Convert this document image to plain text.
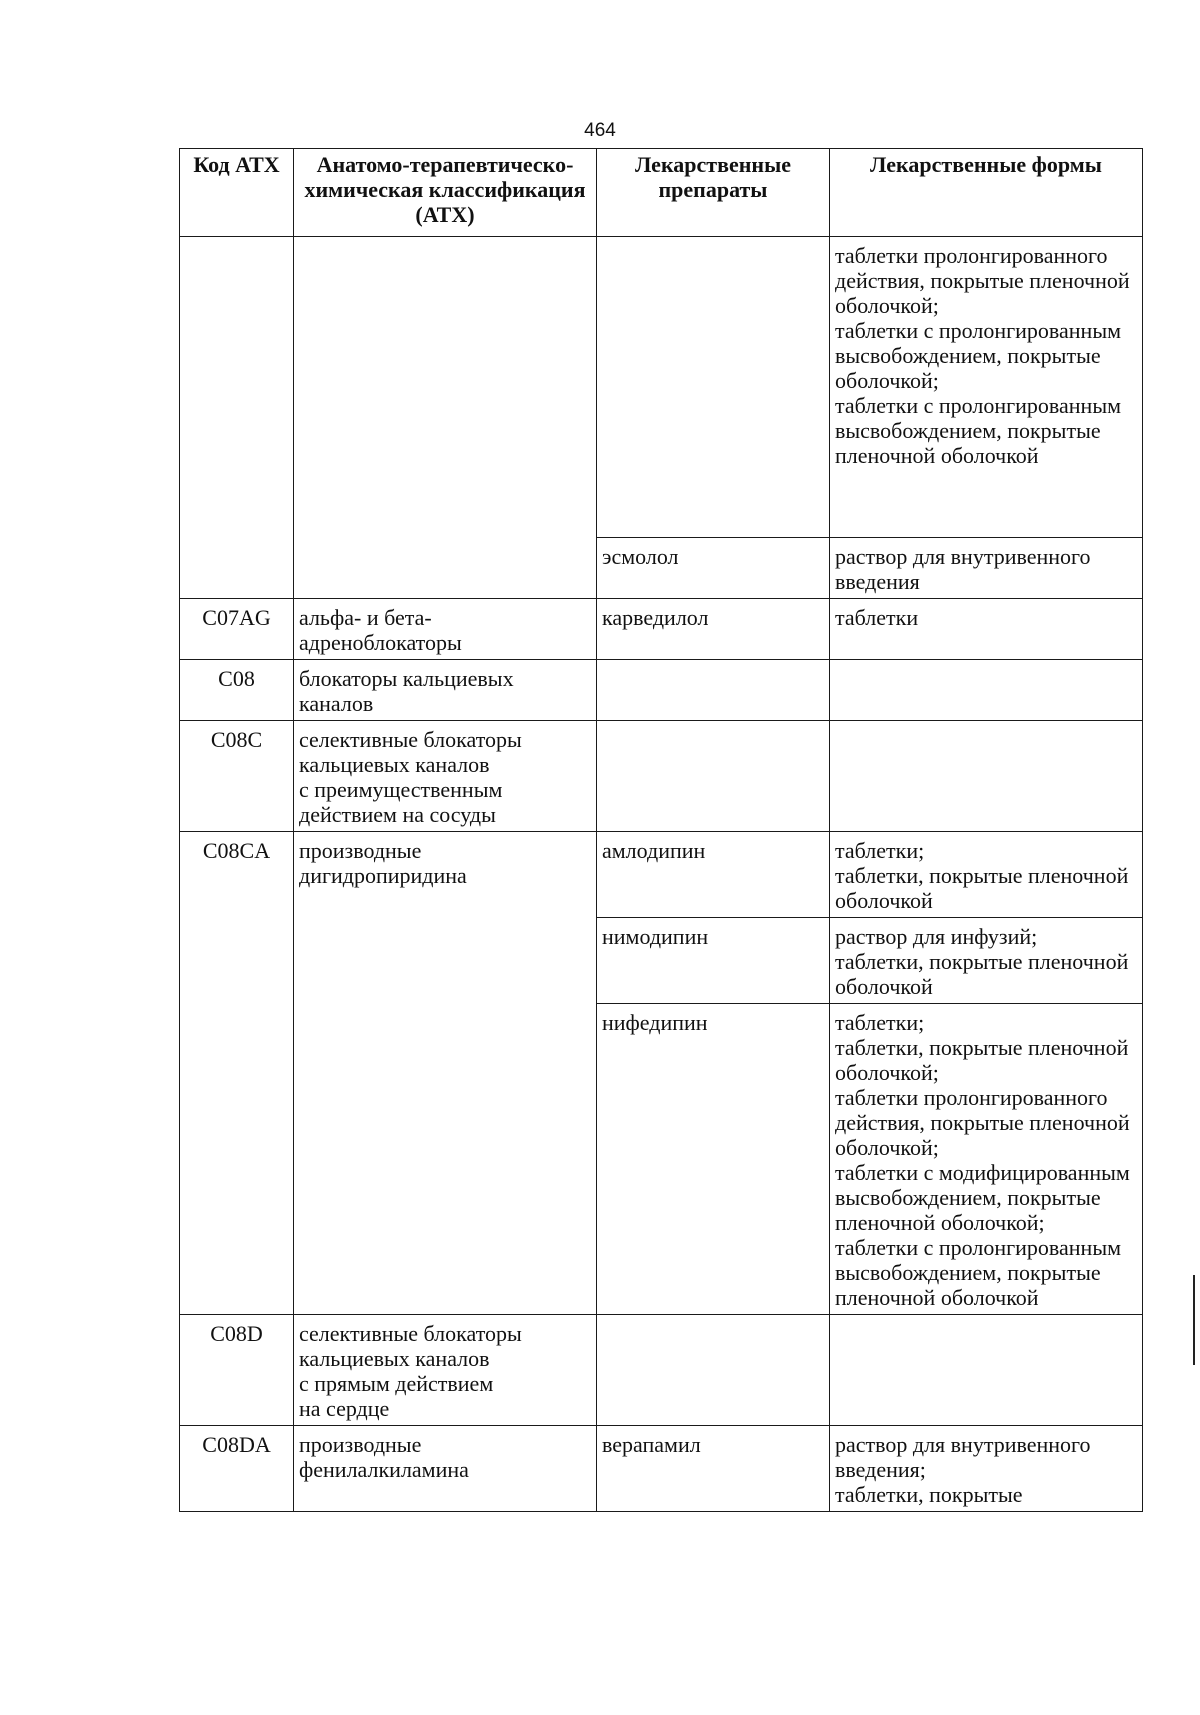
464
Код АТХ	Анатомо-терапевтическо-химическая классификация (АТХ)	Лекарственные препараты	Лекарственные формы
			таблетки пролонгированного действия, покрытые пленочной оболочкой;
таблетки с пролонгированным высвобождением, покрытые оболочкой;
таблетки с пролонгированным высвобождением, покрытые пленочной оболочкой
		эсмолол	раствор для внутривенного введения
C07AG	альфа- и бета-адреноблокаторы	карведилол	таблетки
C08	блокаторы кальциевых каналов		
C08C	селективные блокаторы кальциевых каналов
с преимущественным действием на сосуды		
C08CA	производные дигидропиридина	амлодипин	таблетки;
таблетки, покрытые пленочной оболочкой
		нимодипин	раствор для инфузий;
таблетки, покрытые пленочной оболочкой
		нифедипин	таблетки;
таблетки, покрытые пленочной оболочкой;
таблетки пролонгированного действия, покрытые пленочной оболочкой;
таблетки с модифицированным высвобождением, покрытые пленочной оболочкой;
таблетки с пролонгированным высвобождением, покрытые пленочной оболочкой
C08D	селективные блокаторы кальциевых каналов
с прямым действием
на сердце		
C08DA	производные фенилалкиламина	верапамил	раствор для внутривенного введения;
таблетки, покрытые
